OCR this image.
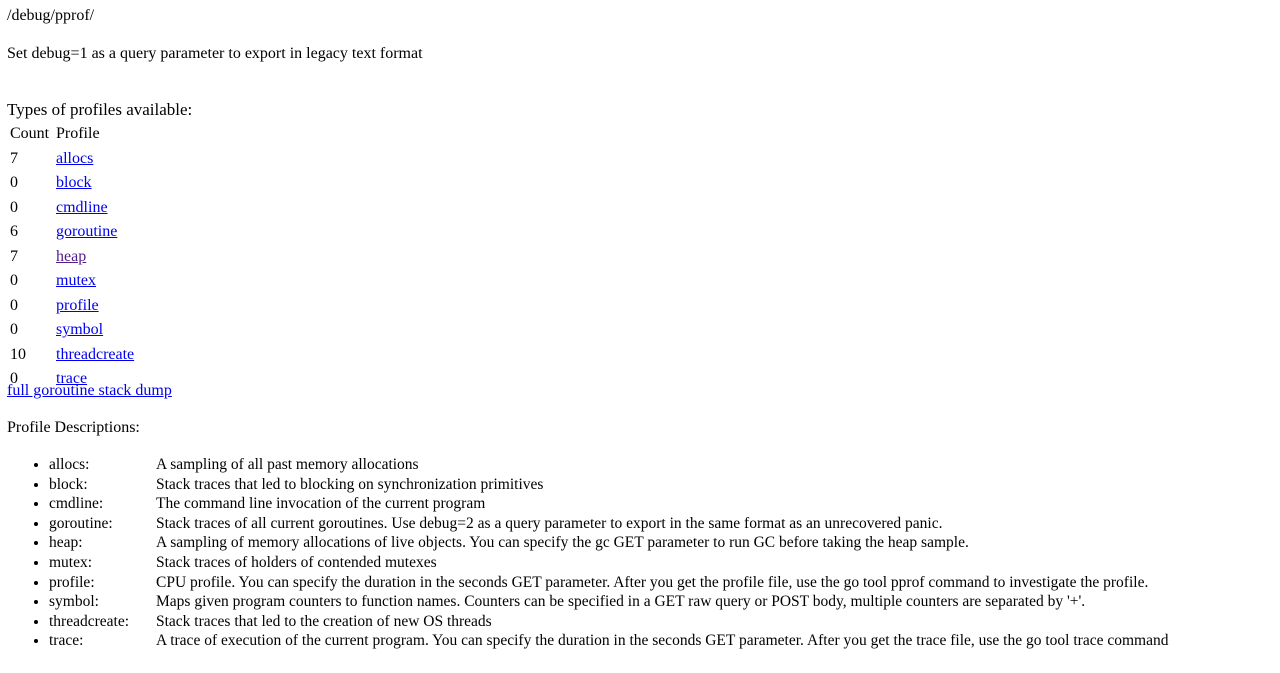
/debug/pprof/
Set debug=1 as a query parameter to export in legacy text format
Types of profiles available:
Count	Profile
7	allocs
0	block
0	cmdline
6	goroutine
7	heap
0	mutex
0	profile
0	symbol
10	threadcreate
0	trace
full goroutine stack dump
Profile Descriptions:
• allocs:	A sampling of all past memory allocations
• block:	Stack traces that led to blocking on synchronization primitives
• cmdline:	The command line invocation of the current program
• goroutine:	Stack traces of all current goroutines. Use debug=2 as a query parameter to export in the same format as an unrecovered panic.
• heap:	A sampling of memory allocations of live objects. You can specify the gc GET parameter to run GC before taking the heap sample.
• mutex:	Stack traces of holders of contended mutexes
• profile:	CPU profile. You can specify the duration in the seconds GET parameter. After you get the profile file, use the go tool pprof command to investigate the profile.
• symbol:	Maps given program counters to function names. Counters can be specified in a GET raw query or POST body, multiple counters are separated by '+'.
• threadcreate: Stack traces that led to the creation of new OS threads
• trace:	A trace of execution of the current program. You can specify the duration in the seconds GET parameter. After you get the trace file, use the go tool trace command
